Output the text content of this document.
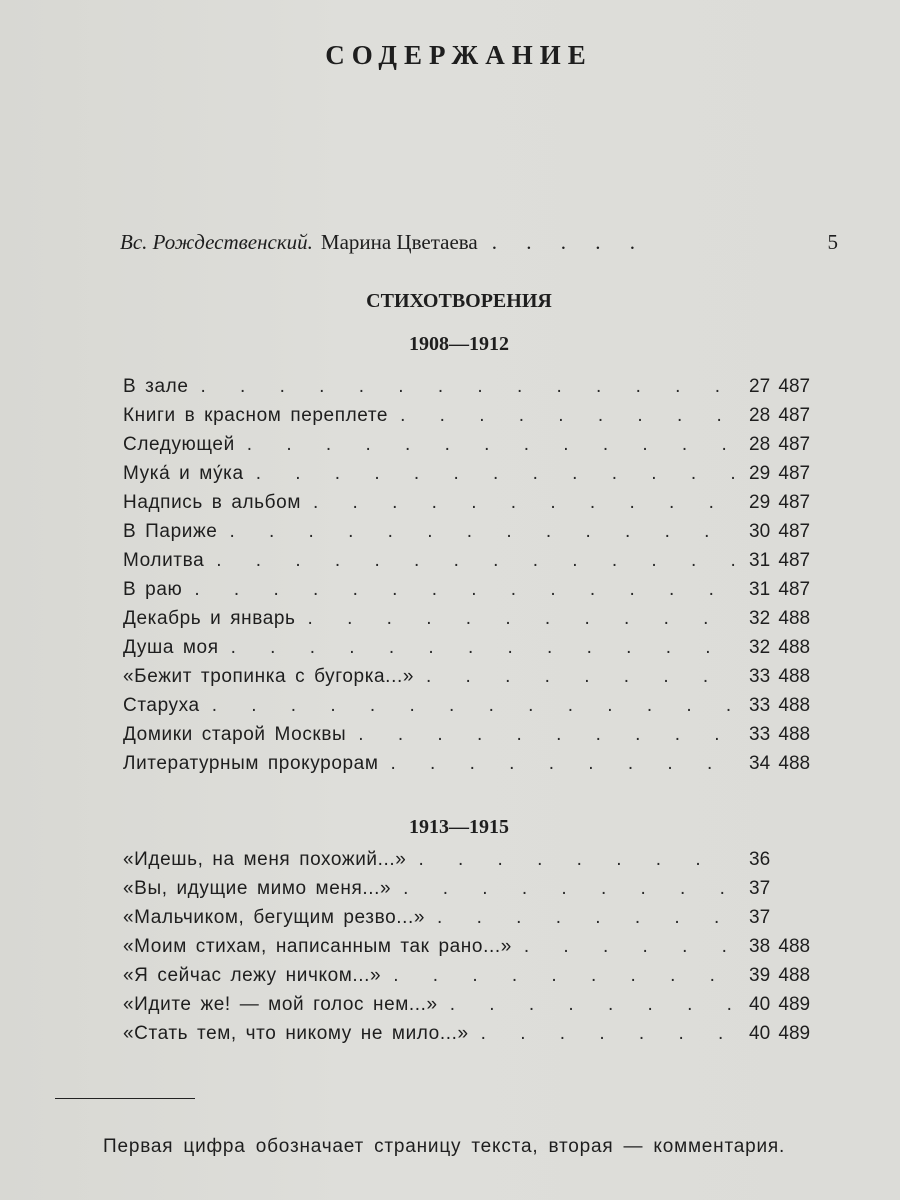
СОДЕРЖАНИЕ
Вс. Рождественский. Марина Цветаева . . . . .	5
СТИХОТВОРЕНИЯ
1908—1912
В зале . . .	27 487
Книги в красном переплете . . .	28 487
Следующей . . .	28 487
Мука́ и му́ка . . .	29 487
Надпись в альбом . . .	29 487
В Париже . . .	30 487
Молитва . . .	31 487
В раю . . .	31 487
Декабрь и январь . . .	32 488
Душа моя . . .	32 488
«Бежит тропинка с бугорка...» . . .	33 488
Старуха . . .	33 488
Домики старой Москвы . . .	33 488
Литературным прокурорам . . .	34 488
1913—1915
«Идешь, на меня похожий...» . . .	36
«Вы, идущие мимо меня...» . . .	37
«Мальчиком, бегущим резво...» . . .	37
«Моим стихам, написанным так рано...» . . .	38 488
«Я сейчас лежу ничком...» . . .	39 488
«Идите же! — мой голос нем...» . . .	40 489
«Стать тем, что никому не мило...» . . .	40 489
Первая цифра обозначает страницу текста, вторая — комментария.
